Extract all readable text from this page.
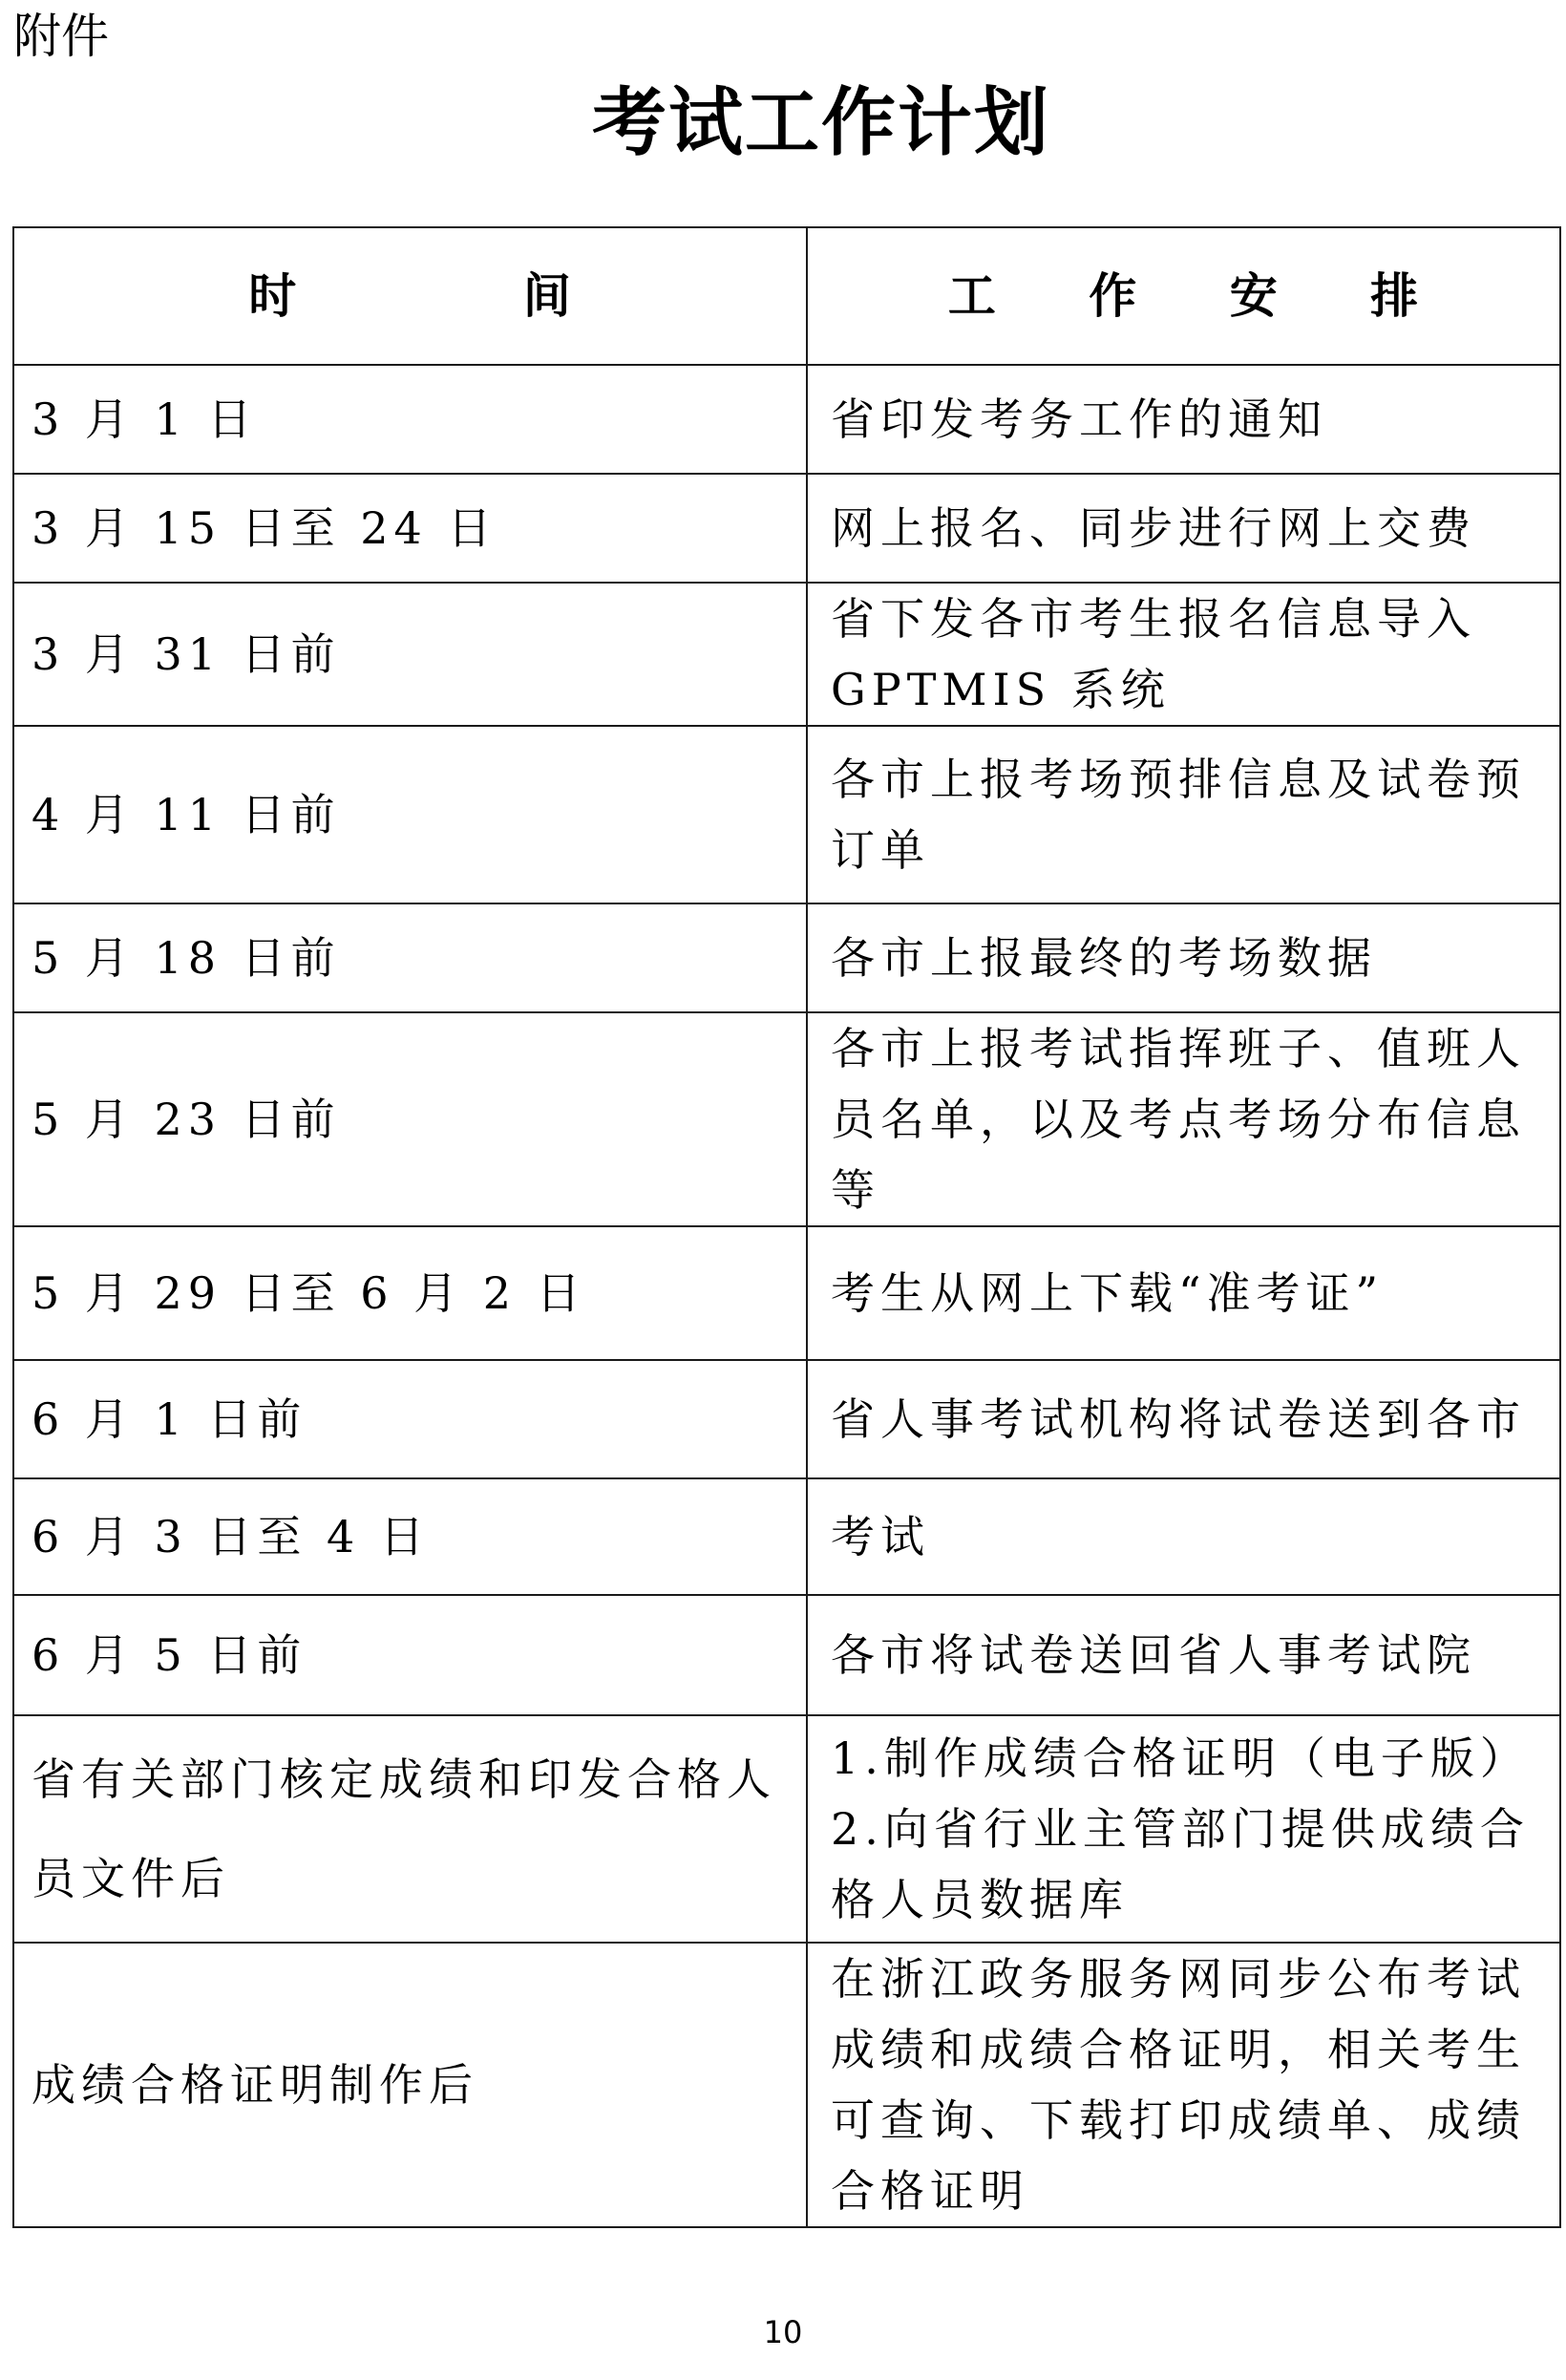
附件
考试工作计划
时 间	工 作 安 排
3 月 1 日	省印发考务工作的通知

3 月 15 日至 24 日	网上报名、同步进行网上交费

3 月 31 日前	省下发各市考生报名信息导入 GPTMIS 系统

4 月 11 日前	各市上报考场预排信息及试卷预订单

5 月 18 日前	各市上报最终的考场数据

5 月 23 日前	各市上报考试指挥班子、值班人员名单，以及考点考场分布信息等

5 月 29 日至 6 月 2 日	考生从网上下载“准考证”

6 月 1 日前	省人事考试机构将试卷送到各市

6 月 3 日至 4 日	考试

6 月 5 日前	各市将试卷送回省人事考试院

省有关部门核定成绩和印发合格人员文件后	1.制作成绩合格证明（电子版）
2.向省行业主管部门提供成绩合格人员数据库

成绩合格证明制作后	在浙江政务服务网同步公布考试成绩和成绩合格证明，相关考生可查询、下载打印成绩单、成绩合格证明
10
